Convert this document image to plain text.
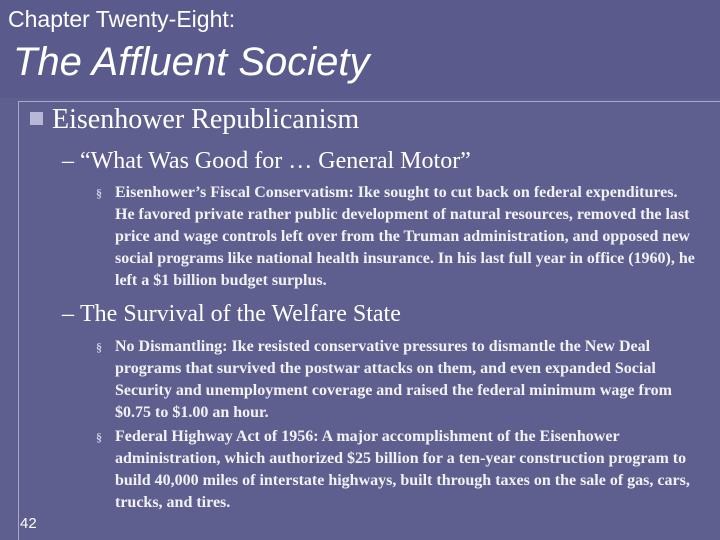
Chapter Twenty-Eight:
The Affluent Society
Eisenhower Republicanism
– “What Was Good for … General Motor”
§ Eisenhower’s Fiscal Conservatism: Ike sought to cut back on federal expenditures. He favored private rather public development of natural resources, removed the last price and wage controls left over from the Truman administration, and opposed new social programs like national health insurance. In his last full year in office (1960), he left a $1 billion budget surplus.
– The Survival of the Welfare State
§ No Dismantling: Ike resisted conservative pressures to dismantle the New Deal programs that survived the postwar attacks on them, and even expanded Social Security and unemployment coverage and raised the federal minimum wage from $0.75 to $1.00 an hour.
§ Federal Highway Act of 1956: A major accomplishment of the Eisenhower administration, which authorized $25 billion for a ten-year construction program to build 40,000 miles of interstate highways, built through taxes on the sale of gas, cars, trucks, and tires.
42
